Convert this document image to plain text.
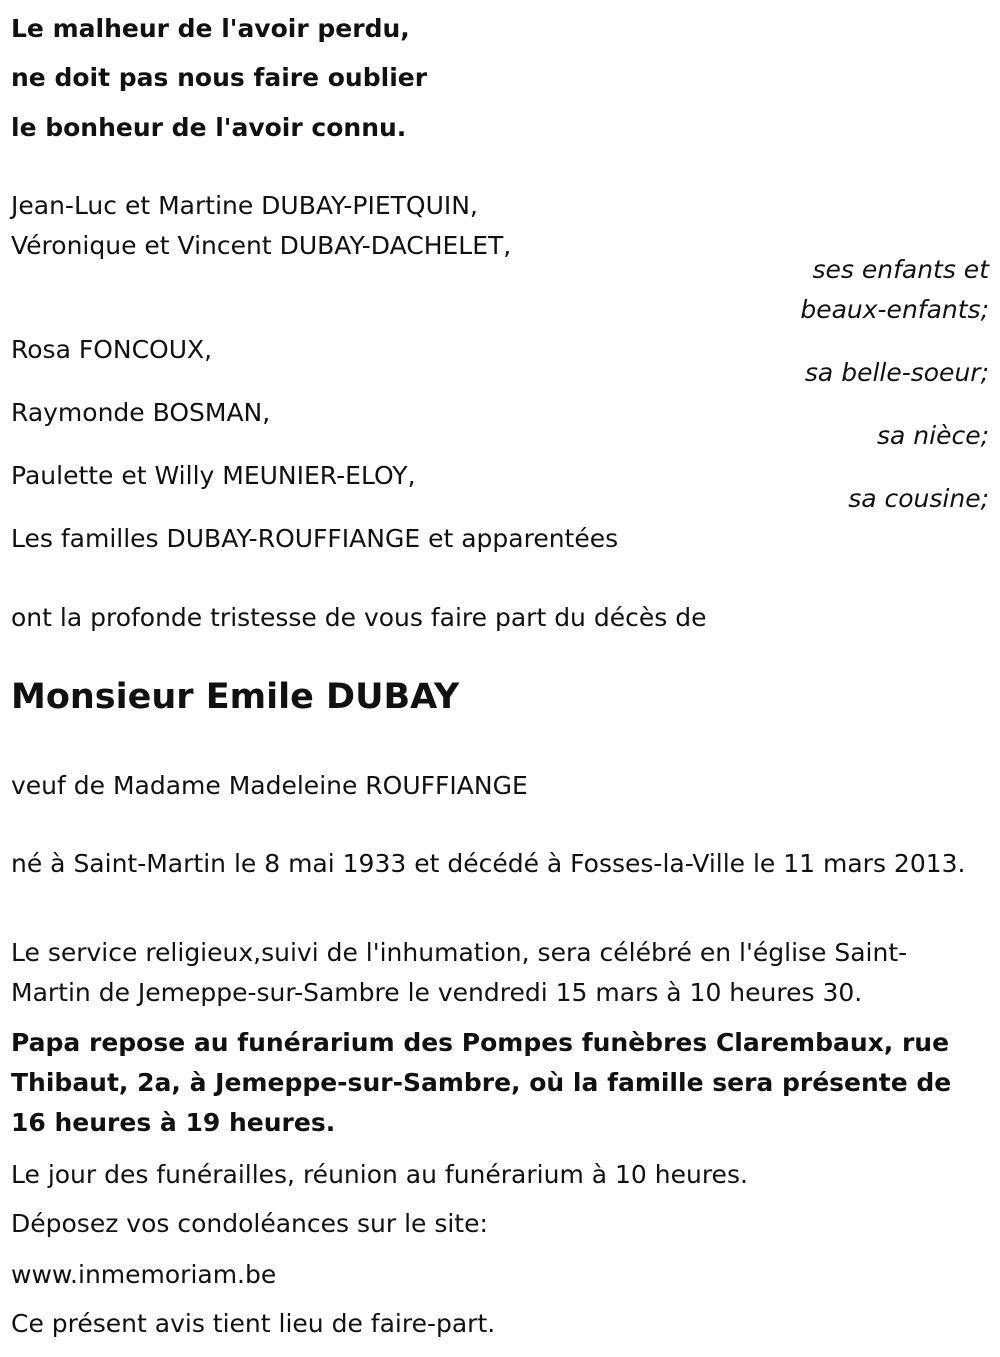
Le malheur de l'avoir perdu,
ne doit pas nous faire oublier
le bonheur de l'avoir connu.
Jean-Luc et Martine DUBAY-PIETQUIN,
Véronique et Vincent DUBAY-DACHELET,
ses enfants et
beaux-enfants;
Rosa FONCOUX,
sa belle-soeur;
Raymonde BOSMAN,
sa nièce;
Paulette et Willy MEUNIER-ELOY,
sa cousine;
Les familles DUBAY-ROUFFIANGE et apparentées
ont la profonde tristesse de vous faire part du décès de
Monsieur Emile DUBAY
veuf de Madame Madeleine ROUFFIANGE
né à Saint-Martin le 8 mai 1933 et décédé à Fosses-la-Ville le 11 mars 2013.
Le service religieux,suivi de l'inhumation, sera célébré en l'église Saint-Martin de Jemeppe-sur-Sambre le vendredi 15 mars à 10 heures 30.
Papa repose au funérarium des Pompes funèbres Clarembaux, rue Thibaut, 2a, à Jemeppe-sur-Sambre, où la famille sera présente de 16 heures à 19 heures.
Le jour des funérailles, réunion au funérarium à 10 heures.
Déposez vos condoléances sur le site:
www.inmemoriam.be
Ce présent avis tient lieu de faire-part.
